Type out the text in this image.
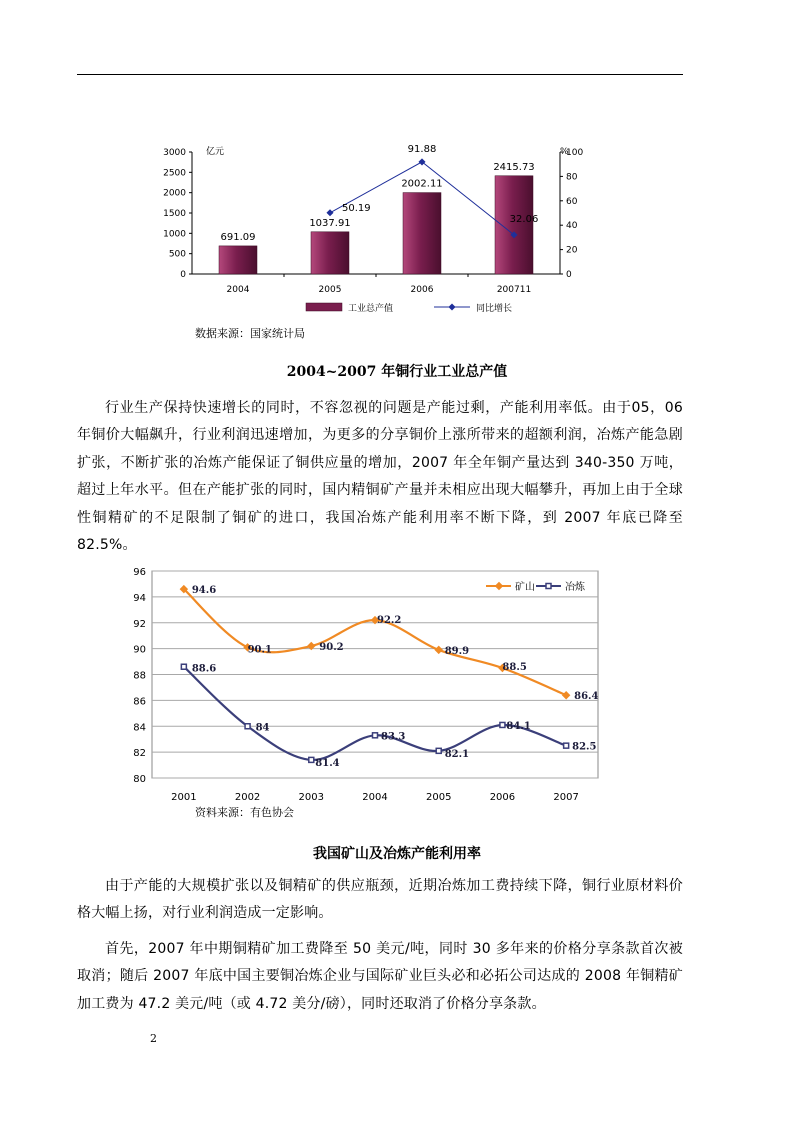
0
500
1000
1500
2000
2500
3000
0
20
40
60
80
100
亿元	%
2004	2005	2006	200711
691.09
1037.91
2002.11
2415.73
50.19
91.88
32.06
工业总产值	同比增长
数据来源：国家统计局
2004~2007 年铜行业工业总产值

行业生产保持快速增长的同时，不容忽视的问题是产能过剩，产能利用率低。由于05，06 年铜价大幅飙升，行业利润迅速增加，为更多的分享铜价上涨所带来的超额利润，冶炼产能急剧扩张，不断扩张的冶炼产能保证了铜供应量的增加，2007 年全年铜产量达到 340-350 万吨，超过上年水平。但在产能扩张的同时，国内精铜矿产量并未相应出现大幅攀升，再加上由于全球性铜精矿的不足限制了铜矿的进口，我国冶炼产能利用率不断下降，到 2007 年底已降至 82.5%。

80
82
84
86
88
90
92
94
96
2001	2002	2003	2004	2005	2006	2007
94.6
90.1	90.2
92.2
89.9
88.5
86.4
88.6
84
81.4
83.3
82.1
84.1
82.5
矿山	冶炼
资料来源：有色协会
我国矿山及冶炼产能利用率

由于产能的大规模扩张以及铜精矿的供应瓶颈，近期冶炼加工费持续下降，铜行业原材料价格大幅上扬，对行业利润造成一定影响。

首先，2007 年中期铜精矿加工费降至 50 美元/吨，同时 30 多年来的价格分享条款首次被取消；随后 2007 年底中国主要铜冶炼企业与国际矿业巨头必和必拓公司达成的 2008 年铜精矿加工费为 47.2 美元/吨（或 4.72 美分/磅），同时还取消了价格分享条款。

2
